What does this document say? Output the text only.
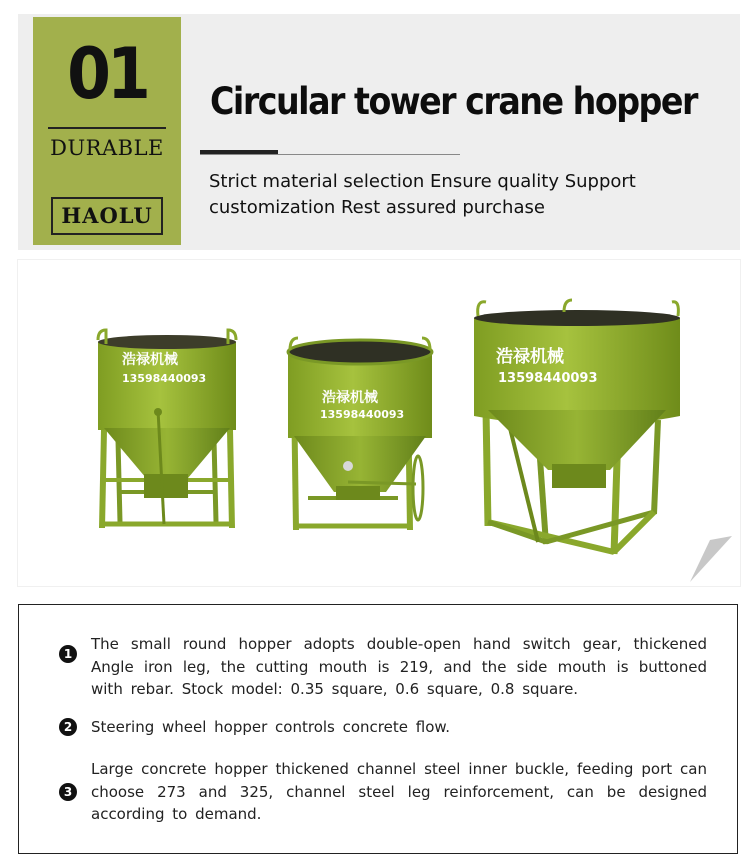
01
DURABLE
HAOLU
Circular tower crane hopper
Strict material selection Ensure quality Support customization Rest assured purchase
浩禄机械
13598440093
浩禄机械
13598440093
浩禄机械
13598440093
1
The small round hopper adopts double-open hand switch gear, thickened Angle iron leg, the cutting mouth is 219, and the side mouth is buttoned with rebar. Stock model: 0.35 square, 0.6 square, 0.8 square.
2	Steering wheel hopper controls concrete flow.
3
Large concrete hopper thickened channel steel inner buckle, feeding port can choose 273 and 325, channel steel leg reinforcement, can be designed according to demand.
